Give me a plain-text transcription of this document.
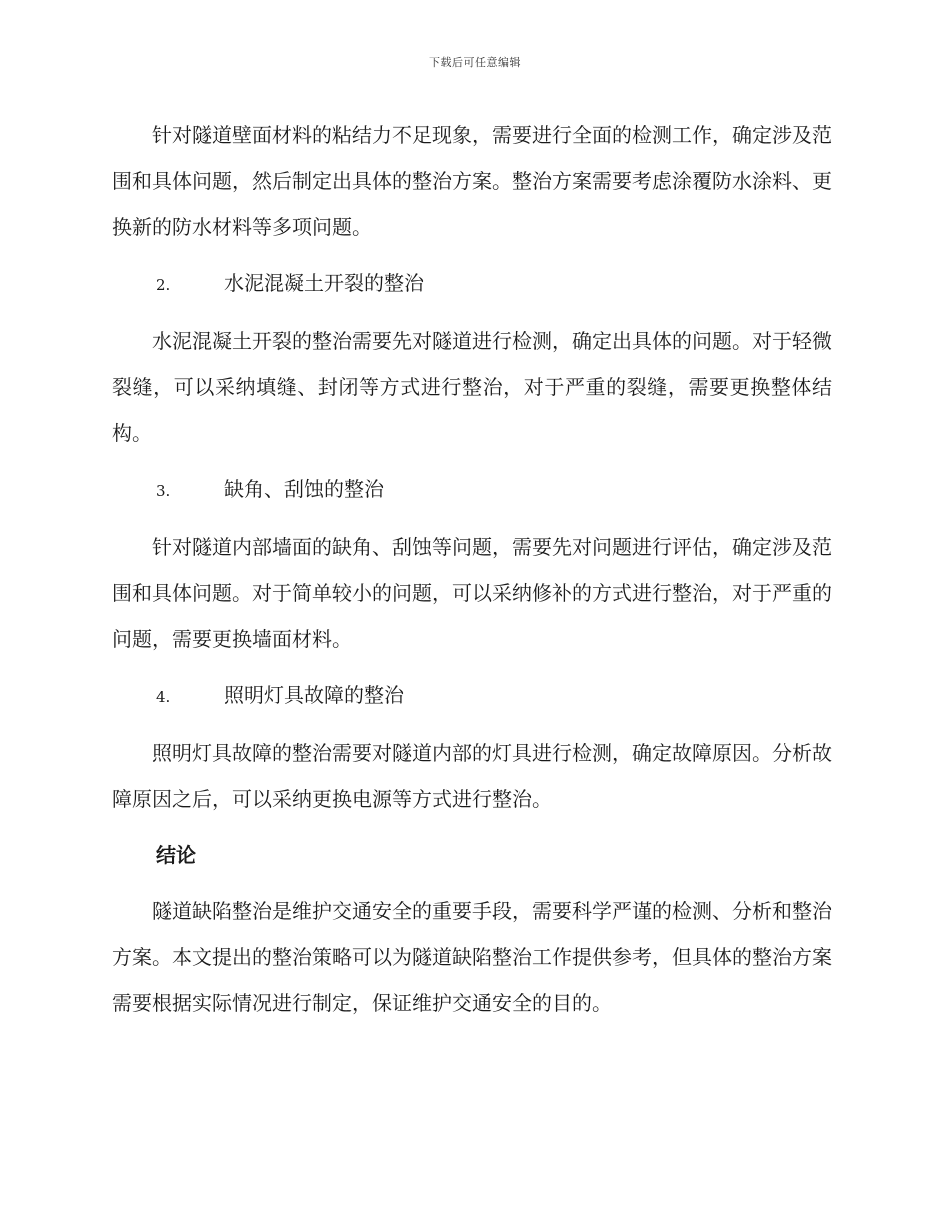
下载后可任意编辑

针对隧道壁面材料的粘结力不足现象，需要进行全面的检测工作，确定涉及范围和具体问题，然后制定出具体的整治方案。整治方案需要考虑涂覆防水涂料、更换新的防水材料等多项问题。

2.	水泥混凝土开裂的整治

水泥混凝土开裂的整治需要先对隧道进行检测，确定出具体的问题。对于轻微裂缝，可以采纳填缝、封闭等方式进行整治，对于严重的裂缝，需要更换整体结构。

3.	缺角、刮蚀的整治

针对隧道内部墙面的缺角、刮蚀等问题，需要先对问题进行评估，确定涉及范围和具体问题。对于简单较小的问题，可以采纳修补的方式进行整治，对于严重的问题，需要更换墙面材料。

4.	照明灯具故障的整治

照明灯具故障的整治需要对隧道内部的灯具进行检测，确定故障原因。分析故障原因之后，可以采纳更换电源等方式进行整治。

结论

隧道缺陷整治是维护交通安全的重要手段，需要科学严谨的检测、分析和整治方案。本文提出的整治策略可以为隧道缺陷整治工作提供参考，但具体的整治方案需要根据实际情况进行制定，保证维护交通安全的目的。
